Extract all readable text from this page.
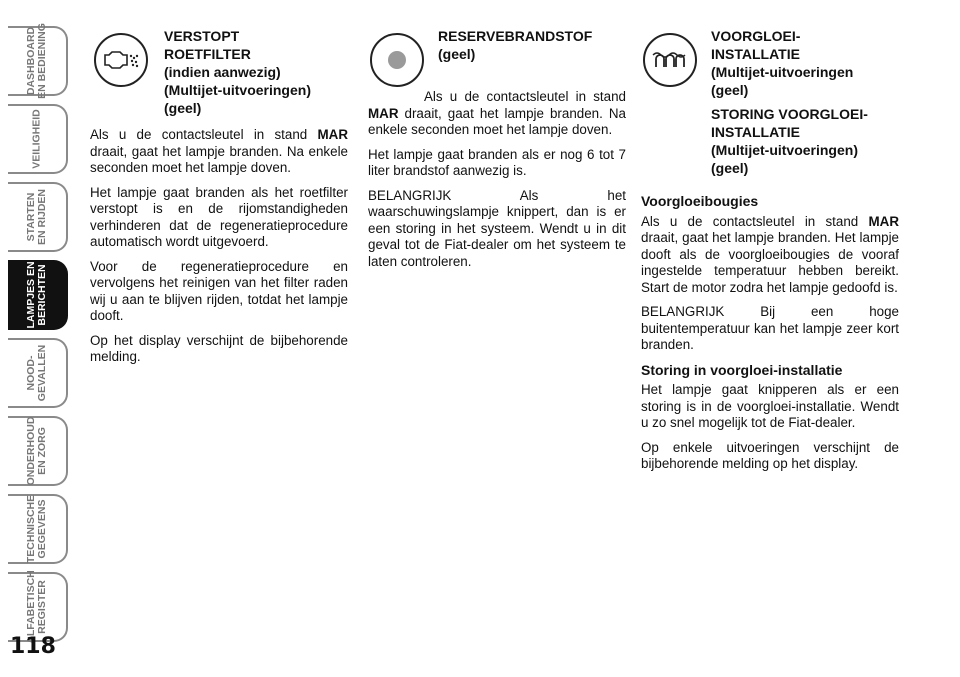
DASHBOARD
EN BEDIENING
VEILIGHEID
STARTEN
EN RIJDEN
LAMPJES EN
BERICHTEN
NOOD-
GEVALLEN
ONDERHOUD
EN ZORG
TECHNISCHE
GEGEVENS
ALFABETISCH
REGISTER
118
VERSTOPT
ROETFILTER
(indien aanwezig)
(Multijet-uitvoeringen)
(geel)

Als u de contactsleutel in stand MAR draait, gaat het lampje branden. Na enkele seconden moet het lampje doven.

Het lampje gaat branden als het roetfilter verstopt is en de rijomstandigheden verhinderen dat de regeneratieprocedure automatisch wordt uitgevoerd.

Voor de regeneratieprocedure en vervolgens het reinigen van het filter raden wij u aan te blijven rijden, totdat het lampje dooft.

Op het display verschijnt de bijbehorende melding.

RESERVEBRANDSTOF
(geel)

Als u de contactsleutel in stand MAR draait, gaat het lampje branden. Na enkele seconden moet het lampje doven.

Het lampje gaat branden als er nog 6 tot 7 liter brandstof aanwezig is.

BELANGRIJK Als het waarschuwingslampje knippert, dan is er een storing in het systeem. Wendt u in dit geval tot de Fiat-dealer om het systeem te laten controleren.

VOORGLOEI-
INSTALLATIE
(Multijet-uitvoeringen
(geel)
STORING VOORGLOEI-
INSTALLATIE
(Multijet-uitvoeringen)
(geel)
Voorgloeibougies

Als u de contactsleutel in stand MAR draait, gaat het lampje branden. Het lampje dooft als de voorgloeibougies de vooraf ingestelde temperatuur hebben bereikt. Start de motor zodra het lampje gedoofd is.

BELANGRIJK Bij een hoge buitentemperatuur kan het lampje zeer kort branden.

Storing in voorgloei-installatie

Het lampje gaat knipperen als er een storing is in de voorgloei-installatie. Wendt u zo snel mogelijk tot de Fiat-dealer.

Op enkele uitvoeringen verschijnt de bijbehorende melding op het display.
